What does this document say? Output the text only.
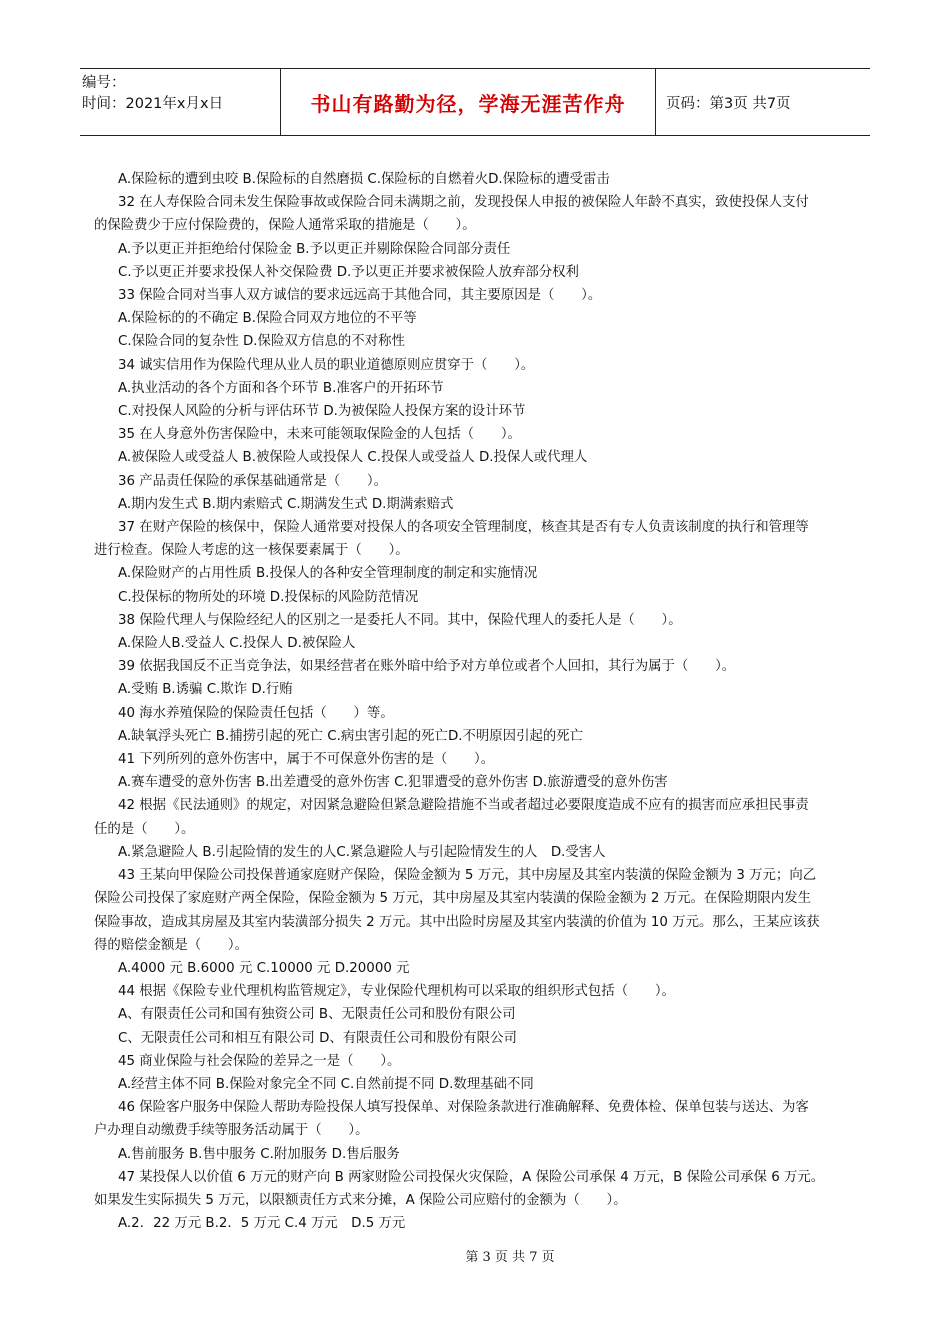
编号：
时间：2021年x月x日	书山有路勤为径，学海无涯苦作舟	页码：第3页 共7页
A.保险标的遭到虫咬 B.保险标的自然磨损 C.保险标的自燃着火D.保险标的遭受雷击
32 在人寿保险合同未发生保险事故或保险合同未满期之前，发现投保人申报的被保险人年龄不真实，致使投保人支付
的保险费少于应付保险费的，保险人通常采取的措施是（　　）。
A.予以更正并拒绝给付保险金 B.予以更正并剔除保险合同部分责任
C.予以更正并要求投保人补交保险费 D.予以更正并要求被保险人放弃部分权利
33 保险合同对当事人双方诚信的要求远远高于其他合同，其主要原因是（　　）。
A.保险标的的不确定 B.保险合同双方地位的不平等
C.保险合同的复杂性 D.保险双方信息的不对称性
34 诚实信用作为保险代理从业人员的职业道德原则应贯穿于（　　）。
A.执业活动的各个方面和各个环节 B.准客户的开拓环节
C.对投保人风险的分析与评估环节 D.为被保险人投保方案的设计环节
35 在人身意外伤害保险中，未来可能领取保险金的人包括（　　）。
A.被保险人或受益人 B.被保险人或投保人 C.投保人或受益人 D.投保人或代理人
36 产品责任保险的承保基础通常是（　　）。
A.期内发生式 B.期内索赔式 C.期满发生式 D.期满索赔式
37 在财产保险的核保中，保险人通常要对投保人的各项安全管理制度，核查其是否有专人负责该制度的执行和管理等
进行检查。保险人考虑的这一核保要素属于（　　）。
A.保险财产的占用性质 B.投保人的各种安全管理制度的制定和实施情况
C.投保标的物所处的环境 D.投保标的风险防范情况
38 保险代理人与保险经纪人的区别之一是委托人不同。其中，保险代理人的委托人是（　　）。
A.保险人B.受益人 C.投保人 D.被保险人
39 依据我国反不正当竞争法，如果经营者在账外暗中给予对方单位或者个人回扣，其行为属于（　　）。
A.受贿 B.诱骗 C.欺诈 D.行贿
40 海水养殖保险的保险责任包括（　　）等。
A.缺氧浮头死亡 B.捕捞引起的死亡 C.病虫害引起的死亡D.不明原因引起的死亡
41 下列所列的意外伤害中，属于不可保意外伤害的是（　　）。
A.赛车遭受的意外伤害 B.出差遭受的意外伤害 C.犯罪遭受的意外伤害 D.旅游遭受的意外伤害
42 根据《民法通则》的规定，对因紧急避险但紧急避险措施不当或者超过必要限度造成不应有的损害而应承担民事责
任的是（　　）。
A.紧急避险人 B.引起险情的发生的人C.紧急避险人与引起险情发生的人　D.受害人
43 王某向甲保险公司投保普通家庭财产保险，保险金额为 5 万元，其中房屋及其室内装潢的保险金额为 3 万元；向乙
保险公司投保了家庭财产两全保险，保险金额为 5 万元，其中房屋及其室内装潢的保险金额为 2 万元。在保险期限内发生
保险事故，造成其房屋及其室内装潢部分损失 2 万元。其中出险时房屋及其室内装潢的价值为 10 万元。那么，王某应该获
得的赔偿金额是（　　）。
A.4000 元 B.6000 元 C.10000 元 D.20000 元
44 根据《保险专业代理机构监管规定》，专业保险代理机构可以采取的组织形式包括（　　）。
A、有限责任公司和国有独资公司 B、无限责任公司和股份有限公司
C、无限责任公司和相互有限公司 D、有限责任公司和股份有限公司
45 商业保险与社会保险的差异之一是（　　）。
A.经营主体不同 B.保险对象完全不同 C.自然前提不同 D.数理基础不同
46 保险客户服务中保险人帮助寿险投保人填写投保单、对保险条款进行准确解释、免费体检、保单包装与送达、为客
户办理自动缴费手续等服务活动属于（　　）。
A.售前服务 B.售中服务 C.附加服务 D.售后服务
47 某投保人以价值 6 万元的财产向 B 两家财险公司投保火灾保险，A 保险公司承保 4 万元，B 保险公司承保 6 万元。
如果发生实际损失 5 万元，以限额责任方式来分摊，A 保险公司应赔付的金额为（　　）。
A.2．22 万元 B.2．5 万元 C.4 万元　D.5 万元
第 3 页 共 7 页
